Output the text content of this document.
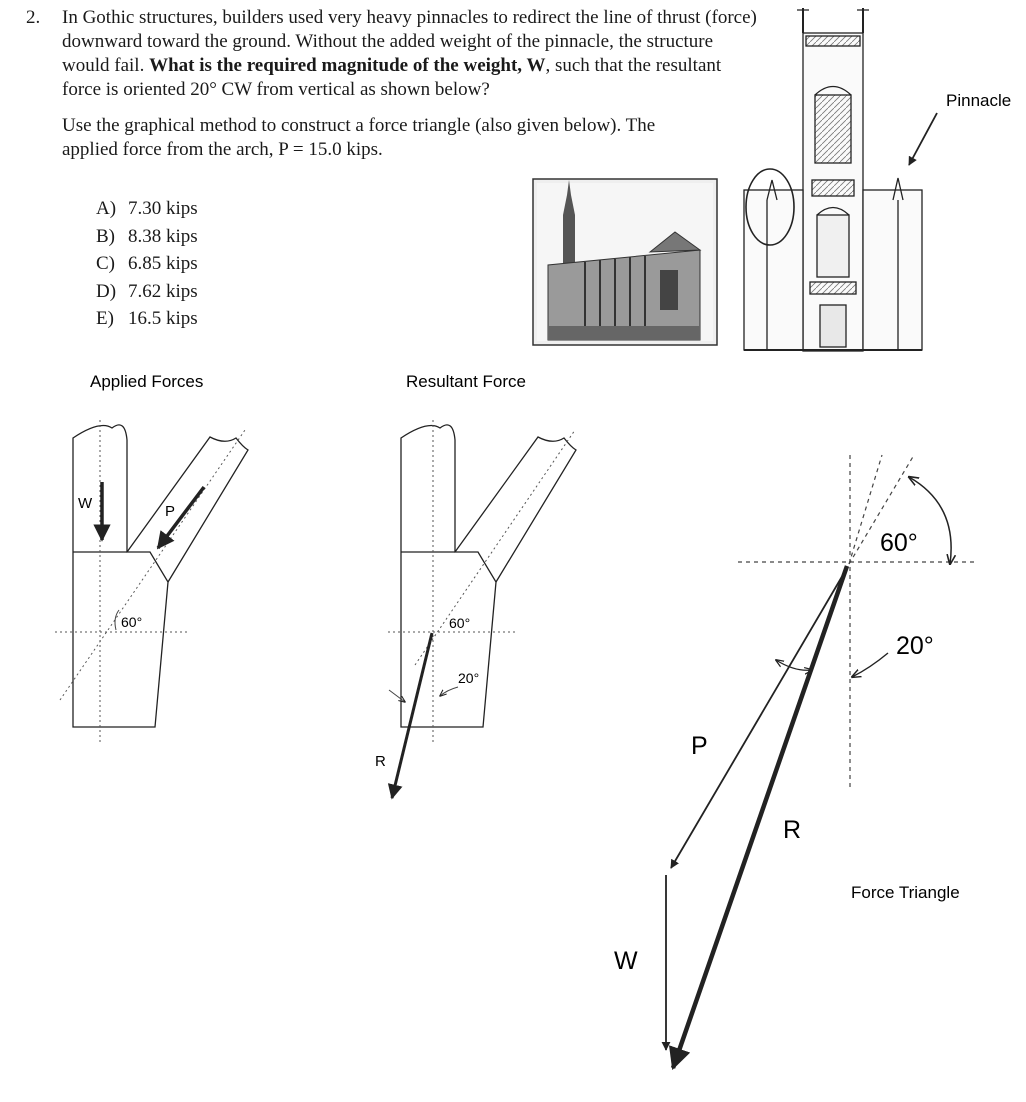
2. In Gothic structures, builders used very heavy pinnacles to redirect the line of thrust (force) downward toward the ground. Without the added weight of the pinnacle, the structure would fail. What is the required magnitude of the weight, W, such that the resultant force is oriented 20° CW from vertical as shown below?
Use the graphical method to construct a force triangle (also given below). The
applied force from the arch, P = 15.0 kips.
A) 7.30 kips
B) 8.38 kips
C) 6.85 kips
D) 7.62 kips
E) 16.5 kips
Pinnacle
Applied Forces
W	P
60°
Resultant Force
60°
20°
R
60°
20°
P
R
W
Force Triangle
